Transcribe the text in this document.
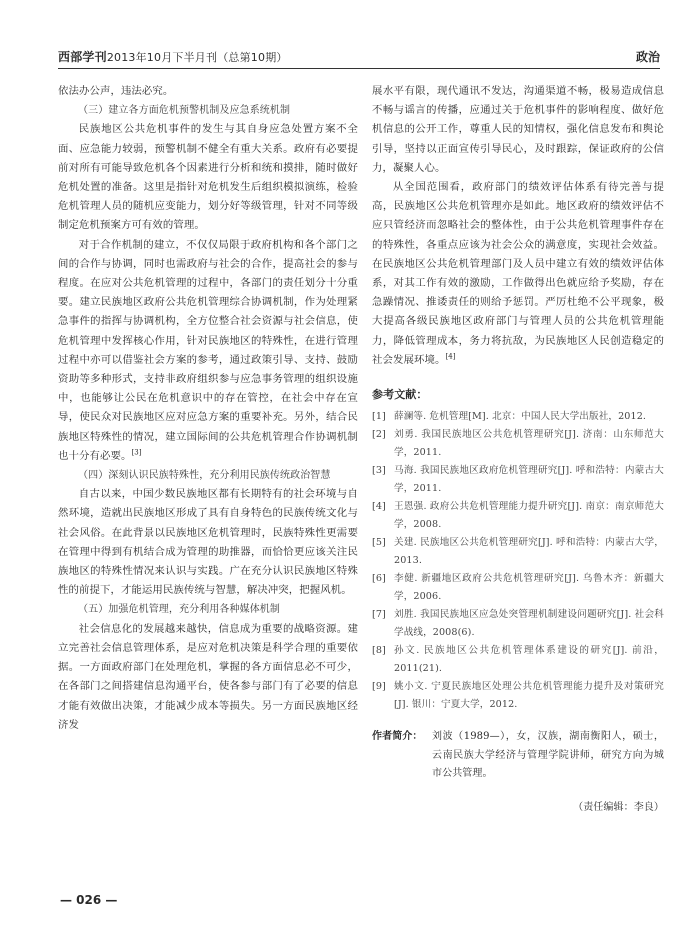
西部学刊2013年10月下半月刊（总第10期）	政治

依法办公声，违法必究。

（三）建立各方面危机预警机制及应急系统机制

民族地区公共危机事件的发生与其自身应急处置方案不全面、应急能力较弱，预警机制不健全有重大关系。政府有必要提前对所有可能导致危机各个因素进行分析和统和摸排，随时做好危机处置的准备。这里是指针对危机发生后组织模拟演练，检验危机管理人员的随机应变能力，划分好等级管理，针对不同等级制定危机预案方可有效的管理。

对于合作机制的建立，不仅仅局限于政府机构和各个部门之间的合作与协调，同时也需政府与社会的合作，提高社会的参与程度。在应对公共危机管理的过程中，各部门的责任划分十分重要。建立民族地区政府公共危机管理综合协调机制，作为处理紧急事件的指挥与协调机构，全方位整合社会资源与社会信息，使危机管理中发挥核心作用，针对民族地区的特殊性，在进行管理过程中亦可以借鉴社会方案的参考，通过政策引导、支持、鼓励资助等多种形式，支持非政府组织参与应急事务管理的组织设施中，也能够让公民在危机意识中的存在管控，在社会中存在宣导，使民众对民族地区应对应急方案的重要补充。另外，结合民族地区特殊性的情况，建立国际间的公共危机管理合作协调机制也十分有必要。[3]

（四）深刻认识民族特殊性，充分利用民族传统政治智慧

自古以来，中国少数民族地区都有长期特有的社会环境与自然环境，造就出民族地区形成了具有自身特色的民族传统文化与社会风俗。在此背景以民族地区危机管理时，民族特殊性更需要在管理中得到有机结合成为管理的助推器，而恰恰更应该关注民族地区的特殊性情况来认识与实践。广在充分认识民族地区特殊性的前提下，才能运用民族传统与智慧，解决冲突，把握风机。

（五）加强危机管理，充分利用各种媒体机制

社会信息化的发展越来越快，信息成为重要的战略资源。建立完善社会信息管理体系，是应对危机决策是科学合理的重要依据。一方面政府部门在处理危机，掌握的各方面信息必不可少，在各部门之间搭建信息沟通平台，使各参与部门有了必要的信息才能有效做出决策，才能减少成本等损失。另一方面民族地区经济发

展水平有限，现代通讯不发达，沟通渠道不畅，极易造成信息不畅与谣言的传播，应通过关于危机事件的影响程度、做好危机信息的公开工作，尊重人民的知情权，强化信息发布和舆论引导，坚持以正面宣传引导民心，及时跟踪，保证政府的公信力，凝聚人心。

从全国范围看，政府部门的绩效评估体系有待完善与提高，民族地区公共危机管理亦是如此。地区政府的绩效评估不应只管经济而忽略社会的整体性，由于公共危机管理事件存在的特殊性，各重点应该为社会公众的满意度，实现社会效益。在民族地区公共危机管理部门及人员中建立有效的绩效评估体系，对其工作有效的激励，工作做得出色就应给予奖励，存在急躁情况、推诿责任的则给予惩罚。严厉杜绝不公平现象，极大提高各级民族地区政府部门与管理人员的公共危机管理能力，降低管理成本，务力将抗敌，为民族地区人民创造稳定的社会发展环境。[4]

参考文献：
[1] 薛澜等. 危机管理[M]. 北京：中国人民大学出版社，2012.
[2] 刘勇. 我国民族地区公共危机管理研究[J]. 济南：山东师范大学，2011.
[3] 马海. 我国民族地区政府危机管理研究[J]. 呼和浩特：内蒙古大学，2011.
[4] 王恩强. 政府公共危机管理能力提升研究[J]. 南京：南京师范大学，2008.
[5] 关建. 民族地区公共危机管理研究[J]. 呼和浩特：内蒙古大学，2013.
[6] 李健. 新疆地区政府公共危机管理研究[J]. 乌鲁木齐：新疆大学，2006.
[7] 刘胜. 我国民族地区应急处突管理机制建设问题研究[J]. 社会科学战线，2008(6).
[8] 孙文. 民族地区公共危机管理体系建设的研究[J]. 前沿，2011(21).
[9] 姚小文. 宁夏民族地区处理公共危机管理能力提升及对策研究[J]. 银川：宁夏大学，2012.
作者简介： 刘波（1989—），女，汉族，湖南衡阳人，硕士，云南民族大学经济与管理学院讲师，研究方向为城市公共管理。
（责任编辑：李良）
— 026 —
